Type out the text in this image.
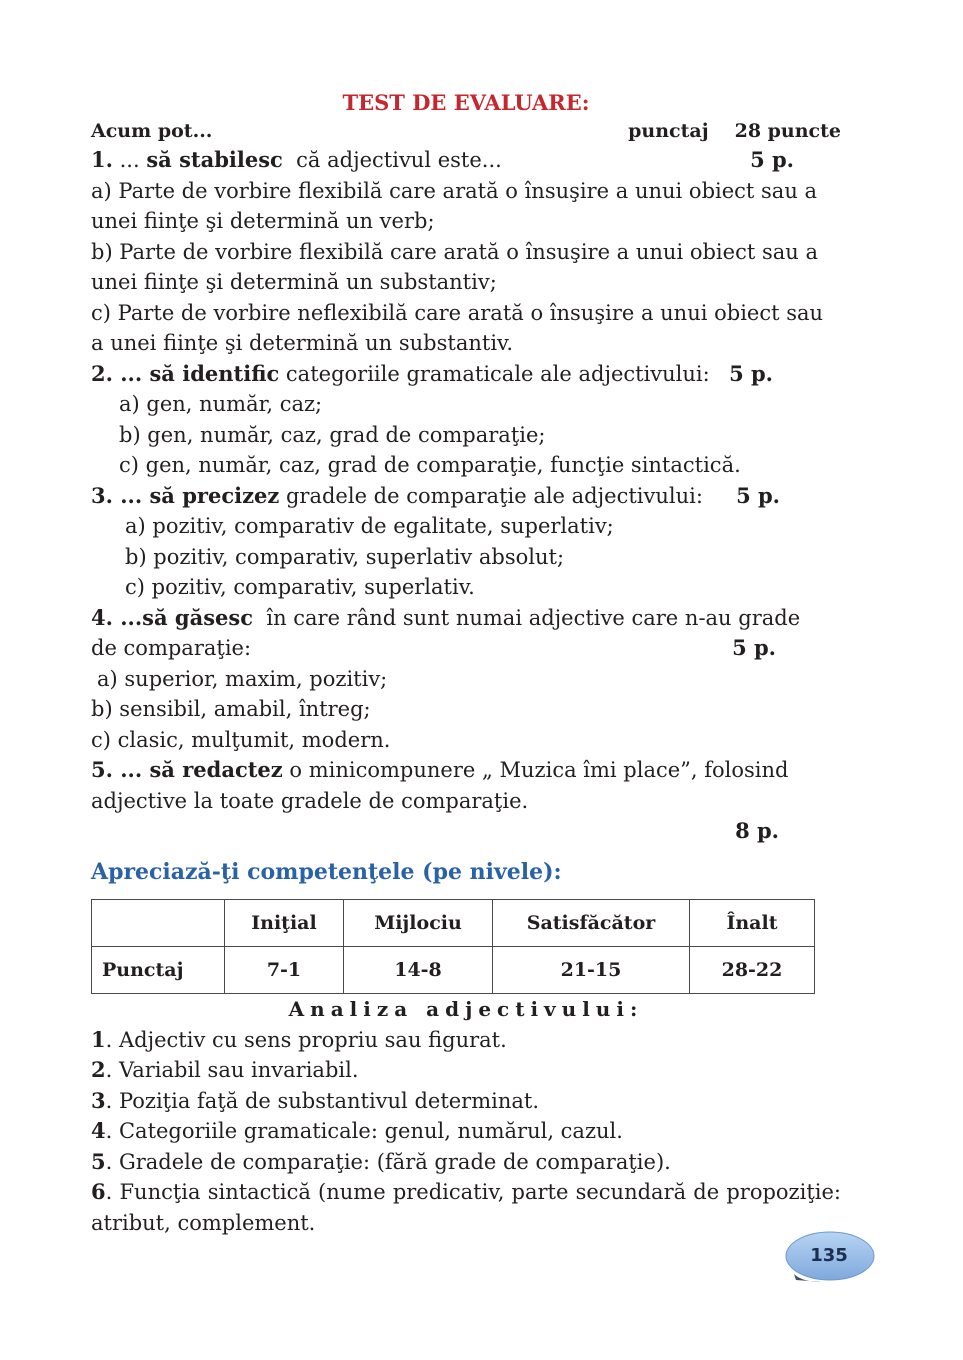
TEST DE EVALUARE:
Acum pot...	punctaj 28 puncte
1. ... să stabilesc  că adjectivul este...	5 p.
a) Parte de vorbire flexibilă care arată o însuşire a unui obiect sau a unei fiinţe şi determină un verb;
b) Parte de vorbire flexibilă care arată o însuşire a unui obiect sau a unei fiinţe şi determină un substantiv;
c) Parte de vorbire neflexibilă care arată o însuşire a unui obiect sau a unei fiinţe şi determină un substantiv.
2. ... să identific categoriile gramaticale ale adjectivului: 5 p.
a) gen, număr, caz;
b) gen, număr, caz, grad de comparaţie;
c) gen, număr, caz, grad de comparaţie, funcţie sintactică.
3. ... să precizez gradele de comparaţie ale adjectivului: 5 p.
a) pozitiv, comparativ de egalitate, superlativ;
b) pozitiv, comparativ, superlativ absolut;
c) pozitiv, comparativ, superlativ.
4. ...să găsesc  în care rând sunt numai adjective care n-au grade
de comparaţie:	5 p.
a) superior, maxim, pozitiv;
b) sensibil, amabil, întreg;
c) clasic, mulţumit, modern.
5. ... să redactez o minicompunere „ Muzica îmi place”, folosind adjective la toate gradele de comparaţie.
8 p.
Apreciază-ţi competenţele (pe nivele):
	Iniţial	Mijlociu	Satisfăcător	Înalt
Punctaj	7-1	14-8	21-15	28-22
Analiza adjectivului:
1. Adjectiv cu sens propriu sau figurat.
2. Variabil sau invariabil.
3. Poziţia faţă de substantivul determinat.
4. Categoriile gramaticale: genul, numărul, cazul.
5. Gradele de comparaţie: (fără grade de comparaţie).
6. Funcţia sintactică (nume predicativ, parte secundară de propoziţie: atribut, complement.
135
